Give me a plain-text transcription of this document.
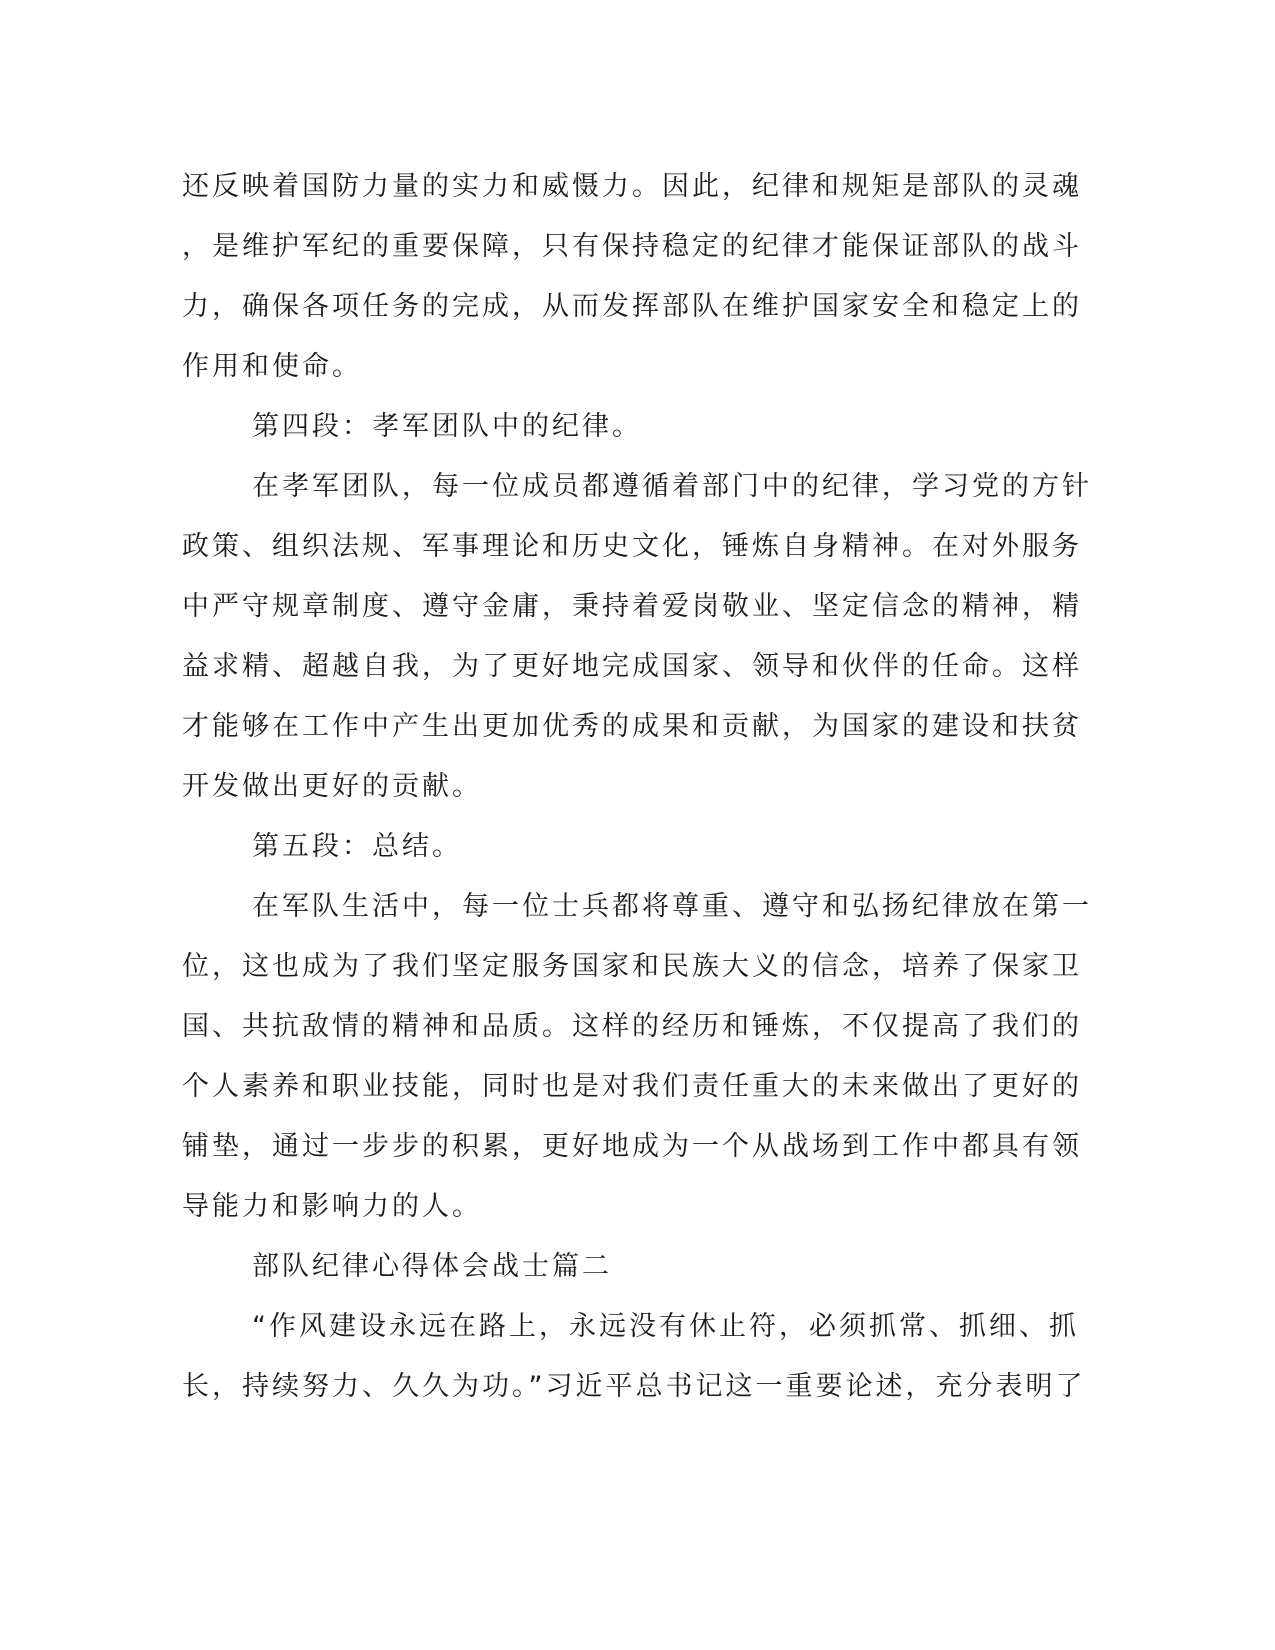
还反映着国防力量的实力和威慑力。因此，纪律和规矩是部队的灵魂
，是维护军纪的重要保障，只有保持稳定的纪律才能保证部队的战斗
力，确保各项任务的完成，从而发挥部队在维护国家安全和稳定上的
作用和使命。
第四段：孝军团队中的纪律。
在孝军团队，每一位成员都遵循着部门中的纪律，学习党的方针
政策、组织法规、军事理论和历史文化，锤炼自身精神。在对外服务
中严守规章制度、遵守金庸，秉持着爱岗敬业、坚定信念的精神，精
益求精、超越自我，为了更好地完成国家、领导和伙伴的任命。这样
才能够在工作中产生出更加优秀的成果和贡献，为国家的建设和扶贫
开发做出更好的贡献。
第五段：总结。
在军队生活中，每一位士兵都将尊重、遵守和弘扬纪律放在第一
位，这也成为了我们坚定服务国家和民族大义的信念，培养了保家卫
国、共抗敌情的精神和品质。这样的经历和锤炼，不仅提高了我们的
个人素养和职业技能，同时也是对我们责任重大的未来做出了更好的
铺垫，通过一步步的积累，更好地成为一个从战场到工作中都具有领
导能力和影响力的人。
部队纪律心得体会战士篇二
“作风建设永远在路上，永远没有休止符，必须抓常、抓细、抓
长，持续努力、久久为功。”习近平总书记这一重要论述，充分表明了
